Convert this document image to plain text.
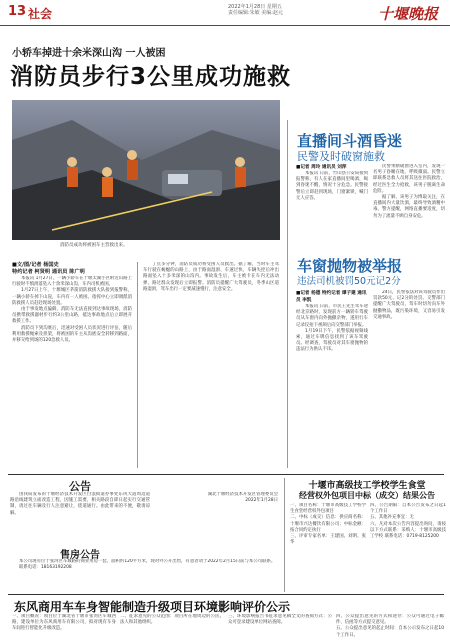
13 社会	2022年1月28日 星期五
责任编辑:朱敏 美编:赵元	十堰晚报
小轿车掉进十余米深山沟 一人被困
消防员步行3公里成功施救
消防员成功将被困车主营救出来。
■文/图/记者 杨国史
特约记者 柯贤明 通讯员 陈广明

本报讯 1月27日，一辆小轿车在十堰太湖小区附近山路上行驶时不慎滑落坠入十余米深山沟，车内司机被困。

1月27日上午，十堰城区茅箭消防救援大队接到报警称，一辆小轿车掉下山崖，车内有一人被困。指挥中心立即调派消防救援人员赶赴现场处置。

由于事发地点偏僻，消防车无法直接到达事故现场，消防员携带救援器材步行约3公里山路，抵达事故地点后立即展开救援工作。

消防员下到沟底后，迅速对受困人员状况进行评估，随后利用救援绳索及担架，将被困的车主从沟底安全转移到路面，并移交给到场的120急救人员。

了点多分钟，消防员成功将受困人员救出。据了解，当时车主驾车行驶在蜿蜒的山路上，由于路面湿滑、车速过快，车辆失控后冲出路面坠入十多米深的山沟内。事故发生后，车主被卡在车内无法动弹，路过群众发现后立即报警。消防员提醒广大驾驶员，冬季山区道路湿滑，驾车出行一定要减速慢行，注意安全。

直播间斗酒昏迷
民警及时破窗施救
■记者 周玲 通讯员 刘萍

本报讯 日前，竹山县公安局接到报警称，有人在家直播间里喝酒，喝到昏迷不醒，情况十分危急。民警接警后立即赶到现场，门窗紧锁，喊门无人应答。

民警果断破窗进入室内，发现一名男子昏睡在地，呼吸微弱。民警立即联系急救人员将其送往医院救治，经过医生全力抢救，该男子脱离生命危险。

据了解，该男子为博取关注，在直播间内大量饮酒，最终导致酒精中毒。警方提醒，网络直播要适度，切勿为了流量不顾自身安危。

车窗抛物被举报
违法司机被罚50元记2分
■记者 杨德 特约记者 谭子建 通讯员 李凯

本报讯 日前，市民王先生驾车途经北京路时，发现前方一辆轿车驾驶员从车窗内向外抛撒杂物，遂用行车记录仪拍下视频后向交警部门举报。

1月19日下午，民警依据视频线索，通过车牌信息找到了该车驾驶员。经调查，驾驶员对其车窗抛物的违法行为供认不讳。

24日，民警依法对该驾驶员作出罚款50元、记2分的处罚。交警部门提醒广大驾驶员，驾车时切勿向车外抛撒物品，既污染环境，又容易引发交通事故。

公告

由我局发布的十堰经济技术开发区白浪街道办事处东风大道周边道路沿线建筑立面改造工程，因施工需要，相关路段自即日起实行交通管制，请过往车辆及行人注意避让，绕道通行。由此带来的不便，敬请谅解。

湖北十堰经济技术开发区管理委员会
2022年1月28日
售房公告

本公司现有位于张湾区车城路的商业用房一套，面积约120平方米，现对外公开出售，有意者请于2022年2月15日前与本公司联系。

联系电话：18163192208

十堰市高级技工学校学生食堂
经营权外包项目中标（成交）结果公告
一、项目名称：十堰市高级技工学校学生食堂经营权外包项目
二、中标（成交）信息：供应商名称：十堰市兴达餐饮有限公司；中标金额：按合同约定执行
三、评审专家名单：王建国、刘明、张华
四、公告期限：自本公告发布之日起1个工作日
五、其他补充事宜：无
六、凡对本次公告内容提出询问，请按以下方式联系：采购人：十堰市高级技工学校 联系电话：0719-8125200
东风商用车车身智能制造升级项目环境影响评价公示
一、项目概况：项目位于湖北省十堰市张湾区车城西路，建设单位为东风商用车有限公司，拟对现有车身车间进行智能化升级改造。
二、征求意见的公众范围：项目所在地周边的公民、法人和其他组织。
三、环境影响报告书征求意见稿全文的查阅方式：公众可登录建设单位网站查阅。
四、公众提出意见的方式和途径：公众可通过电子邮件、信函等方式提交意见。
五、公众提出意见的起止时间：自本公示发布之日起10个工作日。
